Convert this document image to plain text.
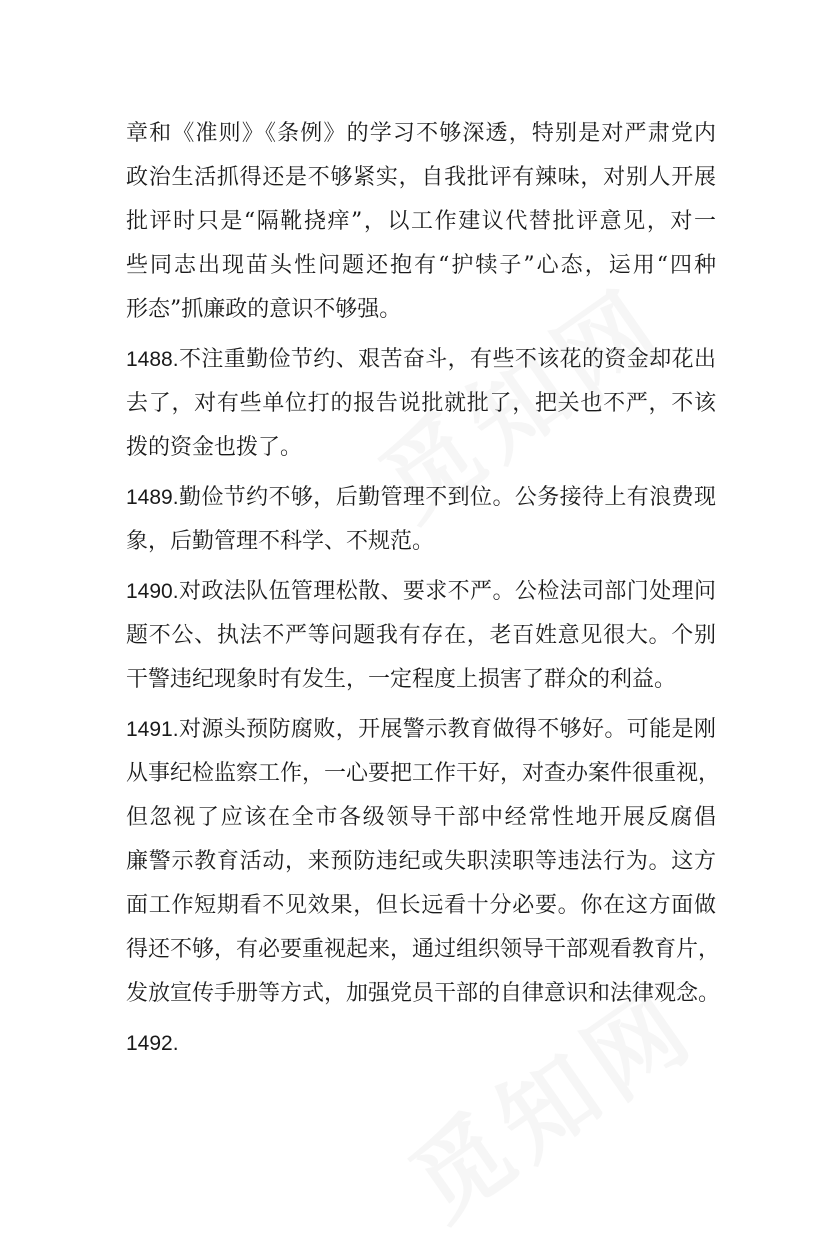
章和《准则》《条例》的学习不够深透，特别是对严肃党内
政治生活抓得还是不够紧实，自我批评有辣味，对别人开展
批评时只是“隔靴挠痒”，以工作建议代替批评意见，对一
些同志出现苗头性问题还抱有“护犊子”心态，运用“四种
形态”抓廉政的意识不够强。
1488.不注重勤俭节约、艰苦奋斗，有些不该花的资金却花出
去了，对有些单位打的报告说批就批了，把关也不严，不该
拨的资金也拨了。
1489.勤俭节约不够，后勤管理不到位。公务接待上有浪费现
象，后勤管理不科学、不规范。
1490.对政法队伍管理松散、要求不严。公检法司部门处理问
题不公、执法不严等问题我有存在，老百姓意见很大。个别
干警违纪现象时有发生，一定程度上损害了群众的利益。
1491.对源头预防腐败，开展警示教育做得不够好。可能是刚
从事纪检监察工作，一心要把工作干好，对查办案件很重视，
但忽视了应该在全市各级领导干部中经常性地开展反腐倡
廉警示教育活动，来预防违纪或失职渎职等违法行为。这方
面工作短期看不见效果，但长远看十分必要。你在这方面做
得还不够，有必要重视起来，通过组织领导干部观看教育片，
发放宣传手册等方式，加强党员干部的自律意识和法律观念。
1492.
